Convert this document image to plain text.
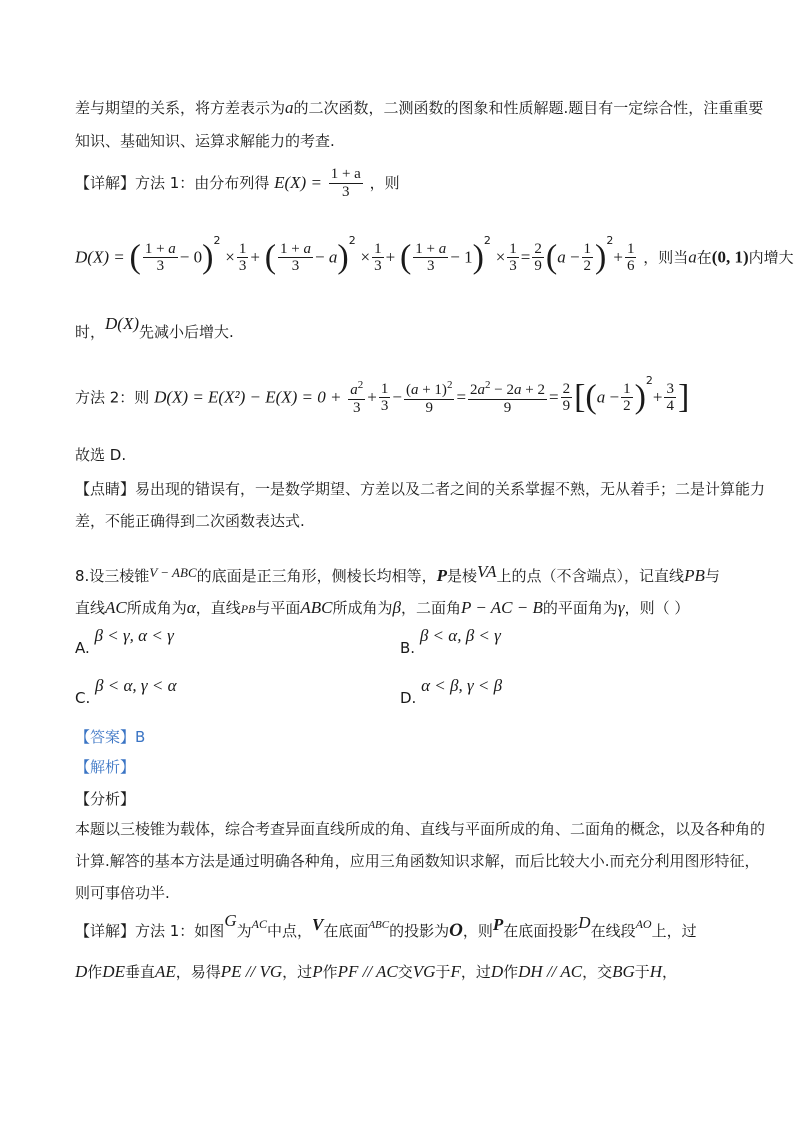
差与期望的关系，将方差表示为a的二次函数，二测函数的图象和性质解题.题目有一定综合性，注重重要
知识、基础知识、运算求解能力的考查.
【详解】方法 1：由分布列得 $E(X) = \frac{1 + a}{3}$ ，则
D(X) = ( $\frac{1 + a}{3} - 0)^2 \times \frac{1}{3}$ + ( $\frac{1 + a}{3} - a)^2 \times \frac{1}{3}$ + ( $\frac{1 + a}{3} - 1)^2 \times \frac{1}{3} = \frac{2}{9} (a - \frac{1}{2} )^2+ \frac{1}{6}$ ，则当a在(0, 1)内增大
时，D(X)先减小后增大.
方法 2：则 $D(X) = E(X^2) - E(X) = 0 + \frac{a^2}{3} + \frac{1}{3} - \frac{(a + 1)^2}{9} = \frac{2a^2 - 2a + 2}{9} = \frac{2}{9} [(a - \frac{1}{2} )^2+ \frac{3}{4}$ ]
故选 D.
【点睛】易出现的错误有，一是数学期望、方差以及二者之间的关系掌握不熟，无从着手；二是计算能力
差，不能正确得到二次函数表达式.
8.设三棱锥V − ABC的底面是正三角形，侧棱长均相等，P是棱VA上的点（不含端点），记直线PB与
直线AC所成角为α，直线PB与平面ABC所成角为β，二面角P − AC − B的平面角为γ，则（ ）
A. β < γ, α < γ
B. β < α, β < γ
C. β < α, γ < α
D. α < β, γ < β
【答案】B
【解析】
【分析】
本题以三棱锥为载体，综合考查异面直线所成的角、直线与平面所成的角、二面角的概念，以及各种角的
计算.解答的基本方法是通过明确各种角，应用三角函数知识求解，而后比较大小.而充分利用图形特征，
则可事倍功半.
【详解】方法 1：如图G为$^{AC}$中点，V在底面$^{ABC}$的投影为O，则P在底面投影D在线段$^{AO}$上，过
D作DE垂直AE，易得PE // VG，过P作PF // AC交VG于F，过D作DH // AC，交BG于H，
